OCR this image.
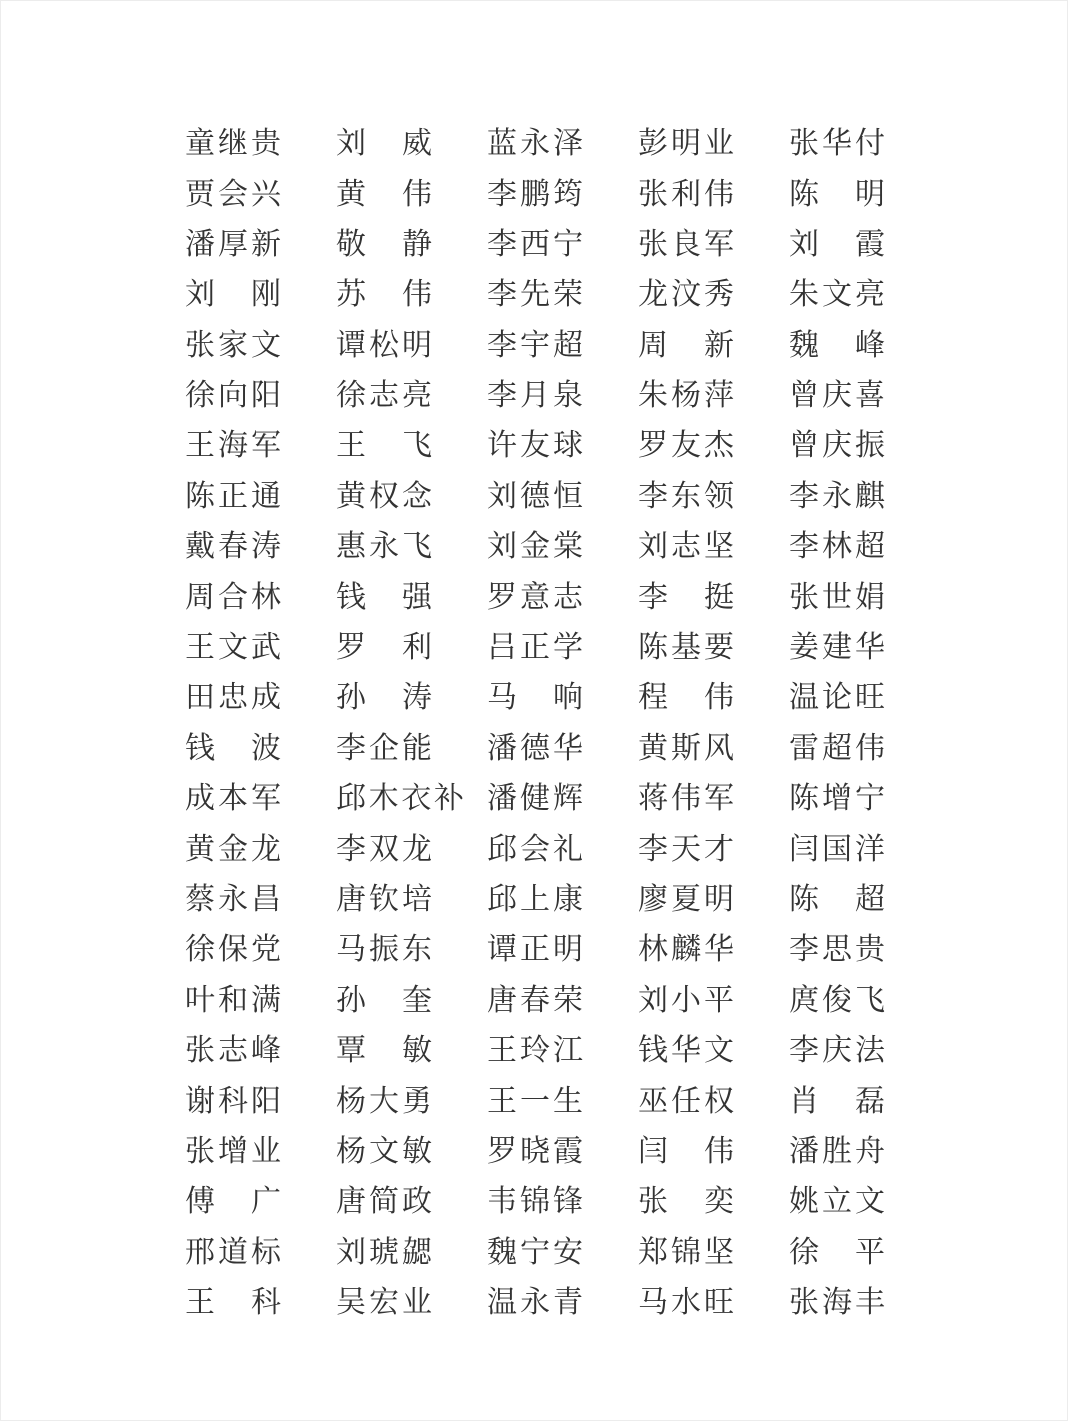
童继贵 刘威 蓝永泽 彭明业 张华付
贾会兴 黄伟 李鹏筠 张利伟 陈明
潘厚新 敬静 李西宁 张良军 刘霞
刘刚 苏伟 李先荣 龙汶秀 朱文亮
张家文 谭松明 李宇超 周新 魏峰
徐向阳 徐志亮 李月泉 朱杨萍 曾庆喜
王海军 王飞 许友球 罗友杰 曾庆振
陈正通 黄权念 刘德恒 李东领 李永麒
戴春涛 惠永飞 刘金棠 刘志坚 李林超
周合林 钱强 罗意志 李挺 张世娟
王文武 罗利 吕正学 陈基要 姜建华
田忠成 孙涛 马响 程伟 温论旺
钱波 李企能 潘德华 黄斯风 雷超伟
成本军 邱木衣补 潘健辉 蒋伟军 陈增宁
黄金龙 李双龙 邱会礼 李天才 闫国洋
蔡永昌 唐钦培 邱上康 廖夏明 陈超
徐保党 马振东 谭正明 林麟华 李思贵
叶和满 孙奎 唐春荣 刘小平 庹俊飞
张志峰 覃敏 王玲江 钱华文 李庆法
谢科阳 杨大勇 王一生 巫任权 肖磊
张增业 杨文敏 罗晓霞 闫伟 潘胜舟
傅广 唐简政 韦锦锋 张奕 姚立文
邢道标 刘琥勰 魏宁安 郑锦坚 徐平
王科 吴宏业 温永青 马水旺 张海丰
